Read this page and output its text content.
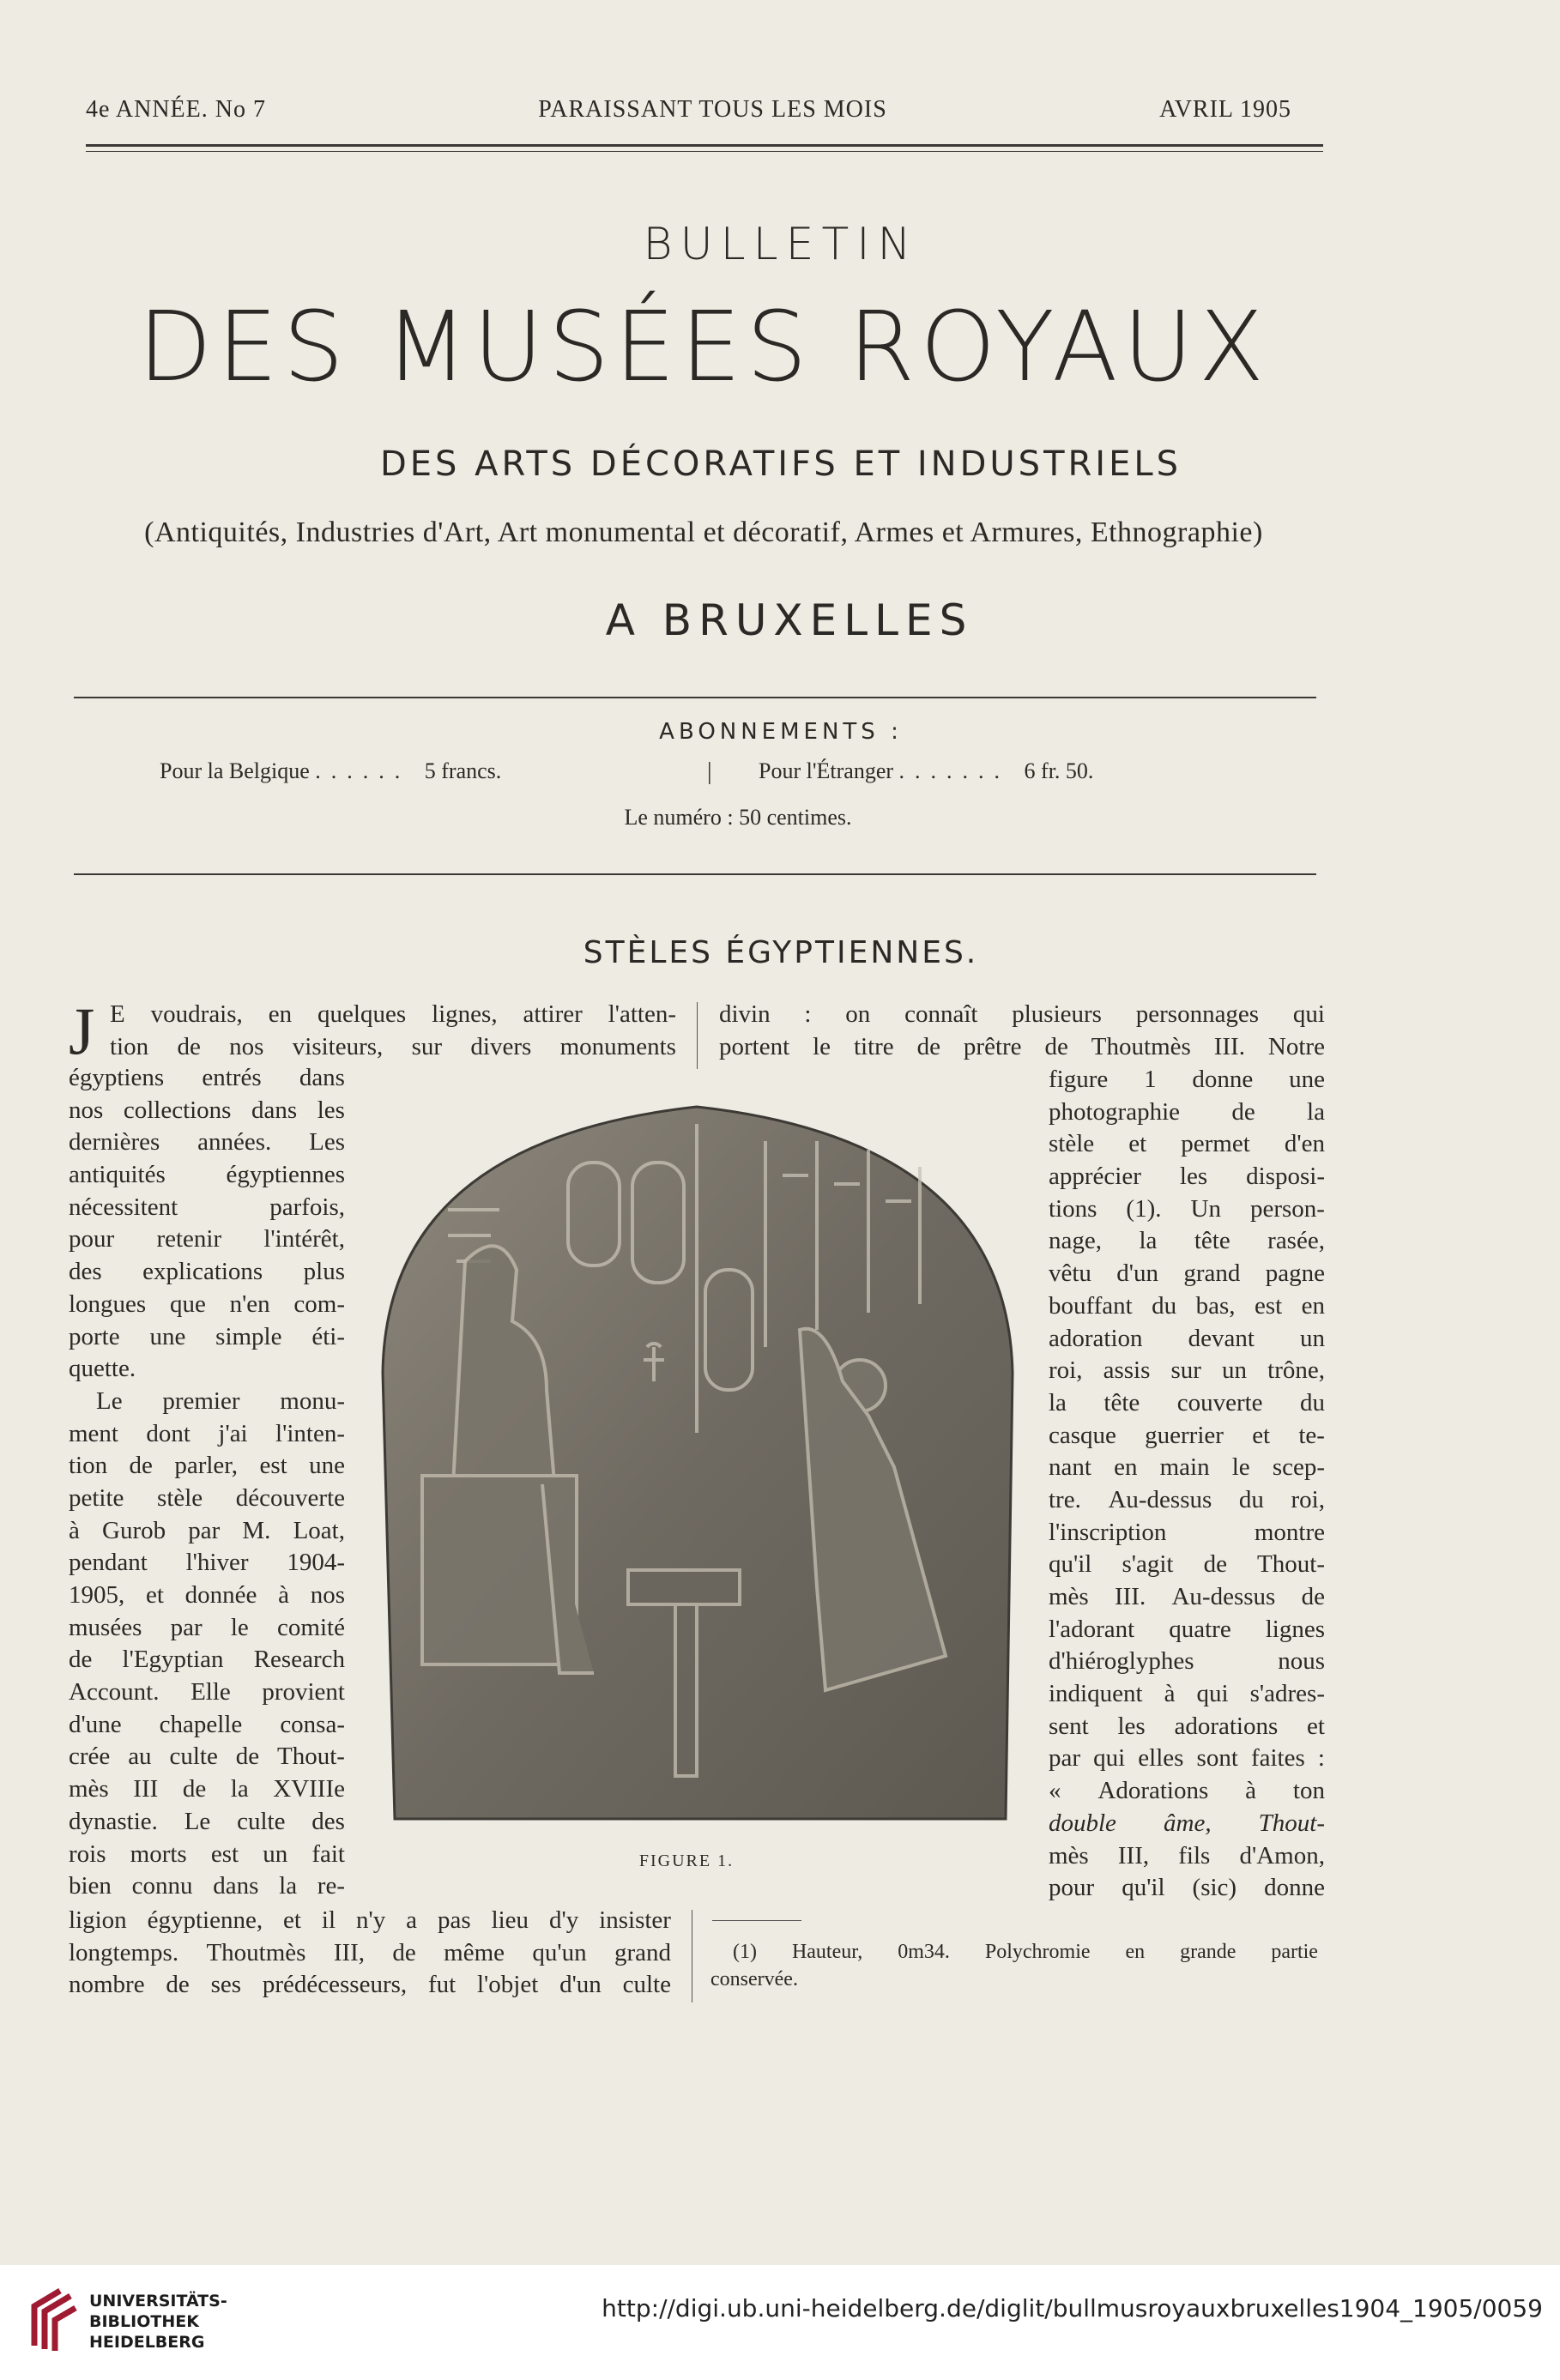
4e ANNÉE. No 7	PARAISSANT TOUS LES MOIS	AVRIL 1905
BULLETIN
DES MUSÉES ROYAUX
DES ARTS DÉCORATIFS ET INDUSTRIELS
(Antiquités, Industries d'Art, Art monumental et décoratif, Armes et Armures, Ethnographie)
A BRUXELLES
ABONNEMENTS :
Pour la Belgique ...... 5 francs.	| Pour l'Étranger ....... 6 fr. 50.
Le numéro : 50 centimes.
STÈLES ÉGYPTIENNES.
J E voudrais, en quelques lignes, attirer l'atten-
tion de nos visiteurs, sur divers monuments
égyptiens entrés dans
nos collections dans les
dernières années. Les
antiquités égyptiennes
nécessitent	parfois,
pour retenir l'intérêt,
des explications plus
longues que n'en com-
porte une simple éti-
quette.
Le premier monu-
ment dont j'ai l'inten-
tion de parler, est une
petite stèle découverte
à Gurob par M. Loat,
pendant l'hiver 1904-
1905, et donnée à nos
musées par le comité
de l'Egyptian Research
Account. Elle provient
d'une chapelle consa-
crée au culte de Thout-
mès III de la XVIIIe
dynastie. Le culte des
rois morts est un fait
bien connu dans la re-
ligion égyptienne, et il n'y a pas lieu d'y insister
longtemps. Thoutmès III, de même qu'un grand
nombre de ses prédécesseurs, fut l'objet d'un culte
divin : on connaît plusieurs personnages qui
portent le titre de prêtre de Thoutmès III. Notre
figure 1 donne une
photographie de la
stèle et permet d'en
apprécier les disposi-
tions (1). Un person-
nage, la tête rasée,
vêtu d'un grand pagne
bouffant du bas, est en
adoration devant un
roi, assis sur un trône,
la tête couverte du
casque guerrier et te-
nant en main le scep-
tre. Au-dessus du roi,
l'inscription	montre
qu'il s'agit de Thout-
mès III. Au-dessus de
l'adorant quatre lignes
d'hiéroglyphes	nous
indiquent à qui s'adres-
sent les adorations et
par qui elles sont faites :
« Adorations à ton
double âme, Thout-
mès III, fils d'Amon,
pour qu'il (sic) donne
FIGURE 1.
(1) Hauteur, 0m34. Polychromie en grande partie
conservée.
UNIVERSITÄTS-
BIBLIOTHEK
HEIDELBERG
http://digi.ub.uni-heidelberg.de/diglit/bullmusroyauxbruxelles1904_1905/0059
